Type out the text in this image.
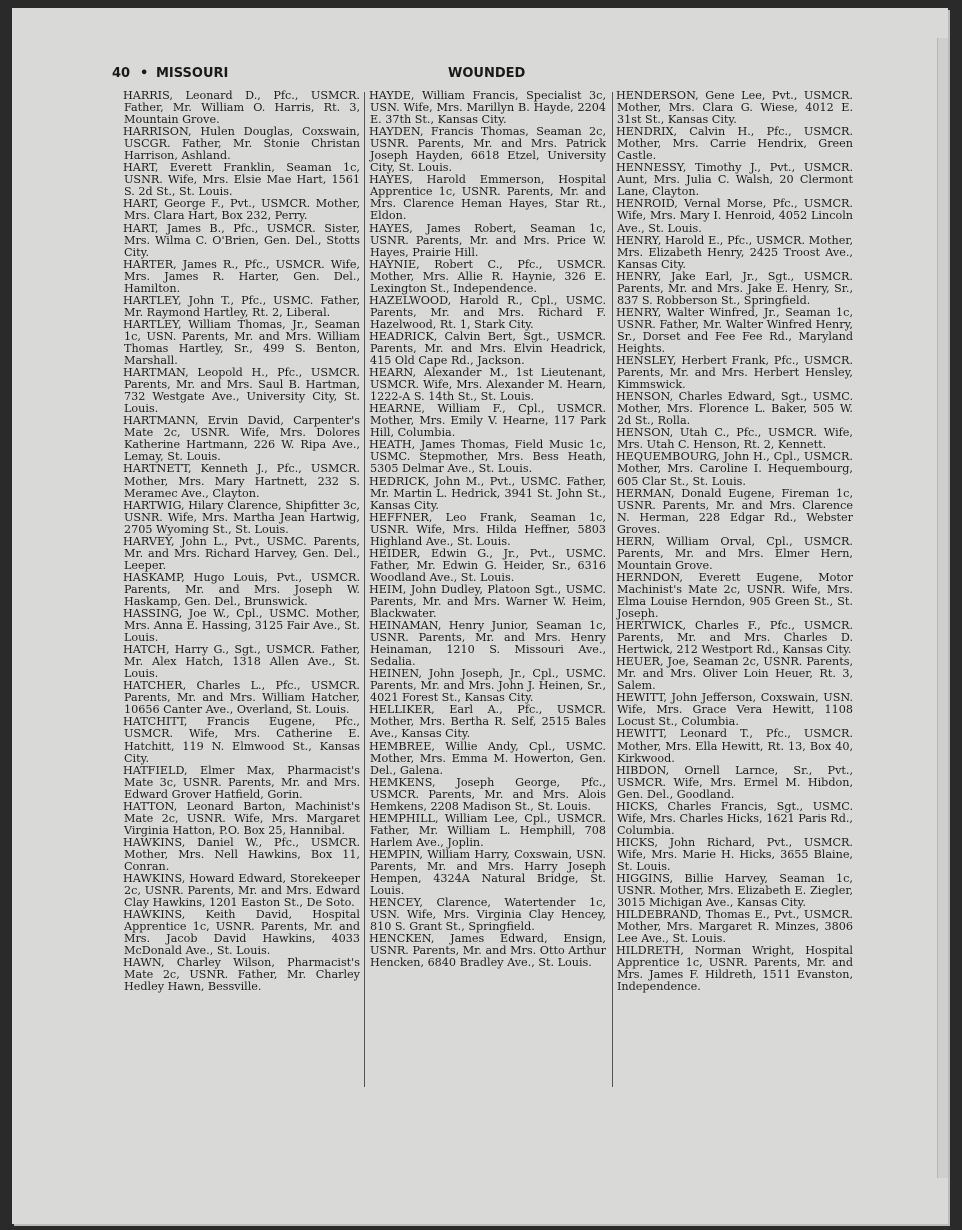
40 • MISSOURI	WOUNDED
HARRIS, Leonard D., Pfc., USMCR. Father, Mr. William O. Harris, Rt. 3, Mountain Grove.
HARRISON, Hulen Douglas, Coxswain, USCGR. Father, Mr. Stonie Christan Harrison, Ashland.
HART, Everett Franklin, Seaman 1c, USNR. Wife, Mrs. Elsie Mae Hart, 1561 S. 2d St., St. Louis.
HART, George F., Pvt., USMCR. Mother, Mrs. Clara Hart, Box 232, Perry.
HART, James B., Pfc., USMCR. Sister, Mrs. Wilma C. O'Brien, Gen. Del., Stotts City.
HARTER, James R., Pfc., USMCR. Wife, Mrs. James R. Harter, Gen. Del., Hamilton.
HARTLEY, John T., Pfc., USMC. Father, Mr. Raymond Hartley, Rt. 2, Liberal.
HARTLEY, William Thomas, Jr., Seaman 1c, USN. Parents, Mr. and Mrs. William Thomas Hartley, Sr., 499 S. Benton, Marshall.
HARTMAN, Leopold H., Pfc., USMCR. Parents, Mr. and Mrs. Saul B. Hartman, 732 Westgate Ave., University City, St. Louis.
HARTMANN, Ervin David, Carpenter's Mate 2c, USNR. Wife, Mrs. Dolores Katherine Hartmann, 226 W. Ripa Ave., Lemay, St. Louis.
HARTNETT, Kenneth J., Pfc., USMCR. Mother, Mrs. Mary Hartnett, 232 S. Meramec Ave., Clayton.
HARTWIG, Hilary Clarence, Shipfitter 3c, USNR. Wife, Mrs. Martha Jean Hartwig, 2705 Wyoming St., St. Louis.
HARVEY, John L., Pvt., USMC. Parents, Mr. and Mrs. Richard Harvey, Gen. Del., Leeper.
HASKAMP, Hugo Louis, Pvt., USMCR. Parents, Mr. and Mrs. Joseph W. Haskamp, Gen. Del., Brunswick.
HASSING, Joe W., Cpl., USMC. Mother, Mrs. Anna E. Hassing, 3125 Fair Ave., St. Louis.
HATCH, Harry G., Sgt., USMCR. Father, Mr. Alex Hatch, 1318 Allen Ave., St. Louis.
HATCHER, Charles L., Pfc., USMCR. Parents, Mr. and Mrs. William Hatcher, 10656 Canter Ave., Overland, St. Louis.
HATCHITT, Francis Eugene, Pfc., USMCR. Wife, Mrs. Catherine E. Hatchitt, 119 N. Elmwood St., Kansas City.
HATFIELD, Elmer Max, Pharmacist's Mate 3c, USNR. Parents, Mr. and Mrs. Edward Grover Hatfield, Gorin.
HATTON, Leonard Barton, Machinist's Mate 2c, USNR. Wife, Mrs. Margaret Virginia Hatton, P.O. Box 25, Hannibal.
HAWKINS, Daniel W., Pfc., USMCR. Mother, Mrs. Nell Hawkins, Box 11, Conran.
HAWKINS, Howard Edward, Storekeeper 2c, USNR. Parents, Mr. and Mrs. Edward Clay Hawkins, 1201 Easton St., De Soto.
HAWKINS, Keith David, Hospital Apprentice 1c, USNR. Parents, Mr. and Mrs. Jacob David Hawkins, 4033 McDonald Ave., St. Louis.
HAWN, Charley Wilson, Pharmacist's Mate 2c, USNR. Father, Mr. Charley Hedley Hawn, Bessville.
HAYDE, William Francis, Specialist 3c, USN. Wife, Mrs. Marillyn B. Hayde, 2204 E. 37th St., Kansas City.
HAYDEN, Francis Thomas, Seaman 2c, USNR. Parents, Mr. and Mrs. Patrick Joseph Hayden, 6618 Etzel, University City, St. Louis.
HAYES, Harold Emmerson, Hospital Apprentice 1c, USNR. Parents, Mr. and Mrs. Clarence Heman Hayes, Star Rt., Eldon.
HAYES, James Robert, Seaman 1c, USNR. Parents, Mr. and Mrs. Price W. Hayes, Prairie Hill.
HAYNIE, Robert C., Pfc., USMCR. Mother, Mrs. Allie R. Haynie, 326 E. Lexington St., Independence.
HAZELWOOD, Harold R., Cpl., USMC. Parents, Mr. and Mrs. Richard F. Hazelwood, Rt. 1, Stark City.
HEADRICK, Calvin Bert, Sgt., USMCR. Parents, Mr. and Mrs. Elvin Headrick, 415 Old Cape Rd., Jackson.
HEARN, Alexander M., 1st Lieutenant, USMCR. Wife, Mrs. Alexander M. Hearn, 1222-A S. 14th St., St. Louis.
HEARNE, William F., Cpl., USMCR. Mother, Mrs. Emily V. Hearne, 117 Park Hill, Columbia.
HEATH, James Thomas, Field Music 1c, USMC. Stepmother, Mrs. Bess Heath, 5305 Delmar Ave., St. Louis.
HEDRICK, John M., Pvt., USMC. Father, Mr. Martin L. Hedrick, 3941 St. John St., Kansas City.
HEFFNER, Leo Frank, Seaman 1c, USNR. Wife, Mrs. Hilda Heffner, 5803 Highland Ave., St. Louis.
HEIDER, Edwin G., Jr., Pvt., USMC. Father, Mr. Edwin G. Heider, Sr., 6316 Woodland Ave., St. Louis.
HEIM, John Dudley, Platoon Sgt., USMC. Parents, Mr. and Mrs. Warner W. Heim, Blackwater.
HEINAMAN, Henry Junior, Seaman 1c, USNR. Parents, Mr. and Mrs. Henry Heinaman, 1210 S. Missouri Ave., Sedalia.
HEINEN, John Joseph, Jr., Cpl., USMC. Parents, Mr. and Mrs. John J. Heinen, Sr., 4021 Forest St., Kansas City.
HELLIKER, Earl A., Pfc., USMCR. Mother, Mrs. Bertha R. Self, 2515 Bales Ave., Kansas City.
HEMBREE, Willie Andy, Cpl., USMC. Mother, Mrs. Emma M. Howerton, Gen. Del., Galena.
HEMKENS, Joseph George, Pfc., USMCR. Parents, Mr. and Mrs. Alois Hemkens, 2208 Madison St., St. Louis.
HEMPHILL, William Lee, Cpl., USMCR. Father, Mr. William L. Hemphill, 708 Harlem Ave., Joplin.
HEMPIN, William Harry, Coxswain, USN. Parents, Mr. and Mrs. Harry Joseph Hempen, 4324A Natural Bridge, St. Louis.
HENCEY, Clarence, Watertender 1c, USN. Wife, Mrs. Virginia Clay Hencey, 810 S. Grant St., Springfield.
HENCKEN, James Edward, Ensign, USNR. Parents, Mr. and Mrs. Otto Arthur Hencken, 6840 Bradley Ave., St. Louis.
HENDERSON, Gene Lee, Pvt., USMCR. Mother, Mrs. Clara G. Wiese, 4012 E. 31st St., Kansas City.
HENDRIX, Calvin H., Pfc., USMCR. Mother, Mrs. Carrie Hendrix, Green Castle.
HENNESSY, Timothy J., Pvt., USMCR. Aunt, Mrs. Julia C. Walsh, 20 Clermont Lane, Clayton.
HENROID, Vernal Morse, Pfc., USMCR. Wife, Mrs. Mary I. Henroid, 4052 Lincoln Ave., St. Louis.
HENRY, Harold E., Pfc., USMCR. Mother, Mrs. Elizabeth Henry, 2425 Troost Ave., Kansas City.
HENRY, Jake Earl, Jr., Sgt., USMCR. Parents, Mr. and Mrs. Jake E. Henry, Sr., 837 S. Robberson St., Springfield.
HENRY, Walter Winfred, Jr., Seaman 1c, USNR. Father, Mr. Walter Winfred Henry, Sr., Dorset and Fee Fee Rd., Maryland Heights.
HENSLEY, Herbert Frank, Pfc., USMCR. Parents, Mr. and Mrs. Herbert Hensley, Kimmswick.
HENSON, Charles Edward, Sgt., USMC. Mother, Mrs. Florence L. Baker, 505 W. 2d St., Rolla.
HENSON, Utah C., Pfc., USMCR. Wife, Mrs. Utah C. Henson, Rt. 2, Kennett.
HEQUEMBOURG, John H., Cpl., USMCR. Mother, Mrs. Caroline I. Hequembourg, 605 Clar St., St. Louis.
HERMAN, Donald Eugene, Fireman 1c, USNR. Parents, Mr. and Mrs. Clarence N. Herman, 228 Edgar Rd., Webster Groves.
HERN, William Orval, Cpl., USMCR. Parents, Mr. and Mrs. Elmer Hern, Mountain Grove.
HERNDON, Everett Eugene, Motor Machinist's Mate 2c, USNR. Wife, Mrs. Elma Louise Herndon, 905 Green St., St. Joseph.
HERTWICK, Charles F., Pfc., USMCR. Parents, Mr. and Mrs. Charles D. Hertwick, 212 Westport Rd., Kansas City.
HEUER, Joe, Seaman 2c, USNR. Parents, Mr. and Mrs. Oliver Loin Heuer, Rt. 3, Salem.
HEWITT, John Jefferson, Coxswain, USN. Wife, Mrs. Grace Vera Hewitt, 1108 Locust St., Columbia.
HEWITT, Leonard T., Pfc., USMCR. Mother, Mrs. Ella Hewitt, Rt. 13, Box 40, Kirkwood.
HIBDON, Ornell Larnce, Sr., Pvt., USMCR. Wife, Mrs. Ermel M. Hibdon, Gen. Del., Goodland.
HICKS, Charles Francis, Sgt., USMC. Wife, Mrs. Charles Hicks, 1621 Paris Rd., Columbia.
HICKS, John Richard, Pvt., USMCR. Wife, Mrs. Marie H. Hicks, 3655 Blaine, St. Louis.
HIGGINS, Billie Harvey, Seaman 1c, USNR. Mother, Mrs. Elizabeth E. Ziegler, 3015 Michigan Ave., Kansas City.
HILDEBRAND, Thomas E., Pvt., USMCR. Mother, Mrs. Margaret R. Minzes, 3806 Lee Ave., St. Louis.
HILDRETH, Norman Wright, Hospital Apprentice 1c, USNR. Parents, Mr. and Mrs. James F. Hildreth, 1511 Evanston, Independence.
